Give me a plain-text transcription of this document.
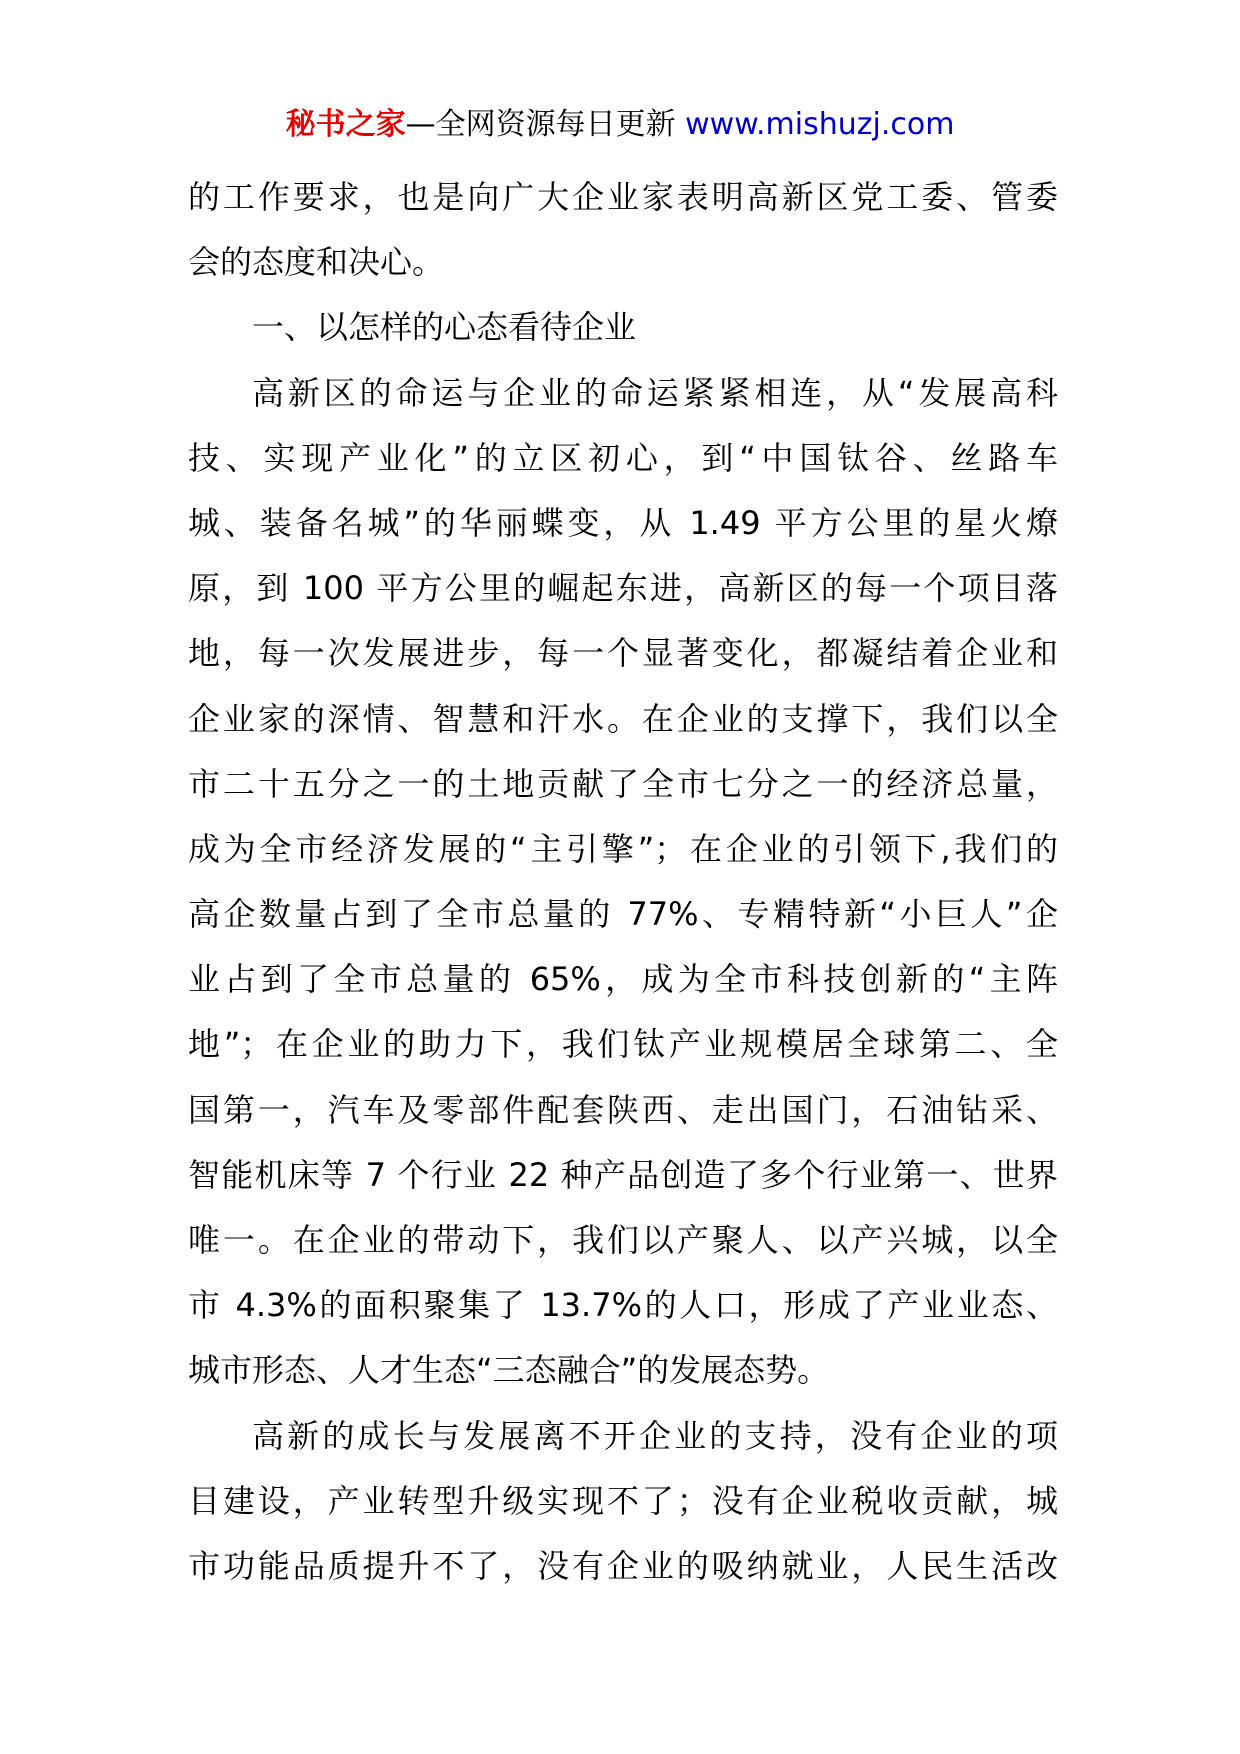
秘书之家—全网资源每日更新 www.mishuzj.com
的工作要求，也是向广大企业家表明高新区党工委、管委
会的态度和决心。
一、以怎样的心态看待企业
高新区的命运与企业的命运紧紧相连，从“发展高科
技、实现产业化”的立区初心，到“中国钛谷、丝路车
城、装备名城”的华丽蝶变，从 1.49 平方公里的星火燎
原，到 100 平方公里的崛起东进，高新区的每一个项目落
地，每一次发展进步，每一个显著变化，都凝结着企业和
企业家的深情、智慧和汗水。在企业的支撑下，我们以全
市二十五分之一的土地贡献了全市七分之一的经济总量，
成为全市经济发展的“主引擎”；在企业的引领下,我们的
高企数量占到了全市总量的 77%、专精特新“小巨人”企
业占到了全市总量的 65%，成为全市科技创新的“主阵
地”；在企业的助力下，我们钛产业规模居全球第二、全
国第一，汽车及零部件配套陕西、走出国门，石油钻采、
智能机床等 7 个行业 22 种产品创造了多个行业第一、世界
唯一。在企业的带动下，我们以产聚人、以产兴城，以全
市 4.3%的面积聚集了 13.7%的人口，形成了产业业态、
城市形态、人才生态“三态融合”的发展态势。
高新的成长与发展离不开企业的支持，没有企业的项
目建设，产业转型升级实现不了；没有企业税收贡献，城
市功能品质提升不了，没有企业的吸纳就业，人民生活改
